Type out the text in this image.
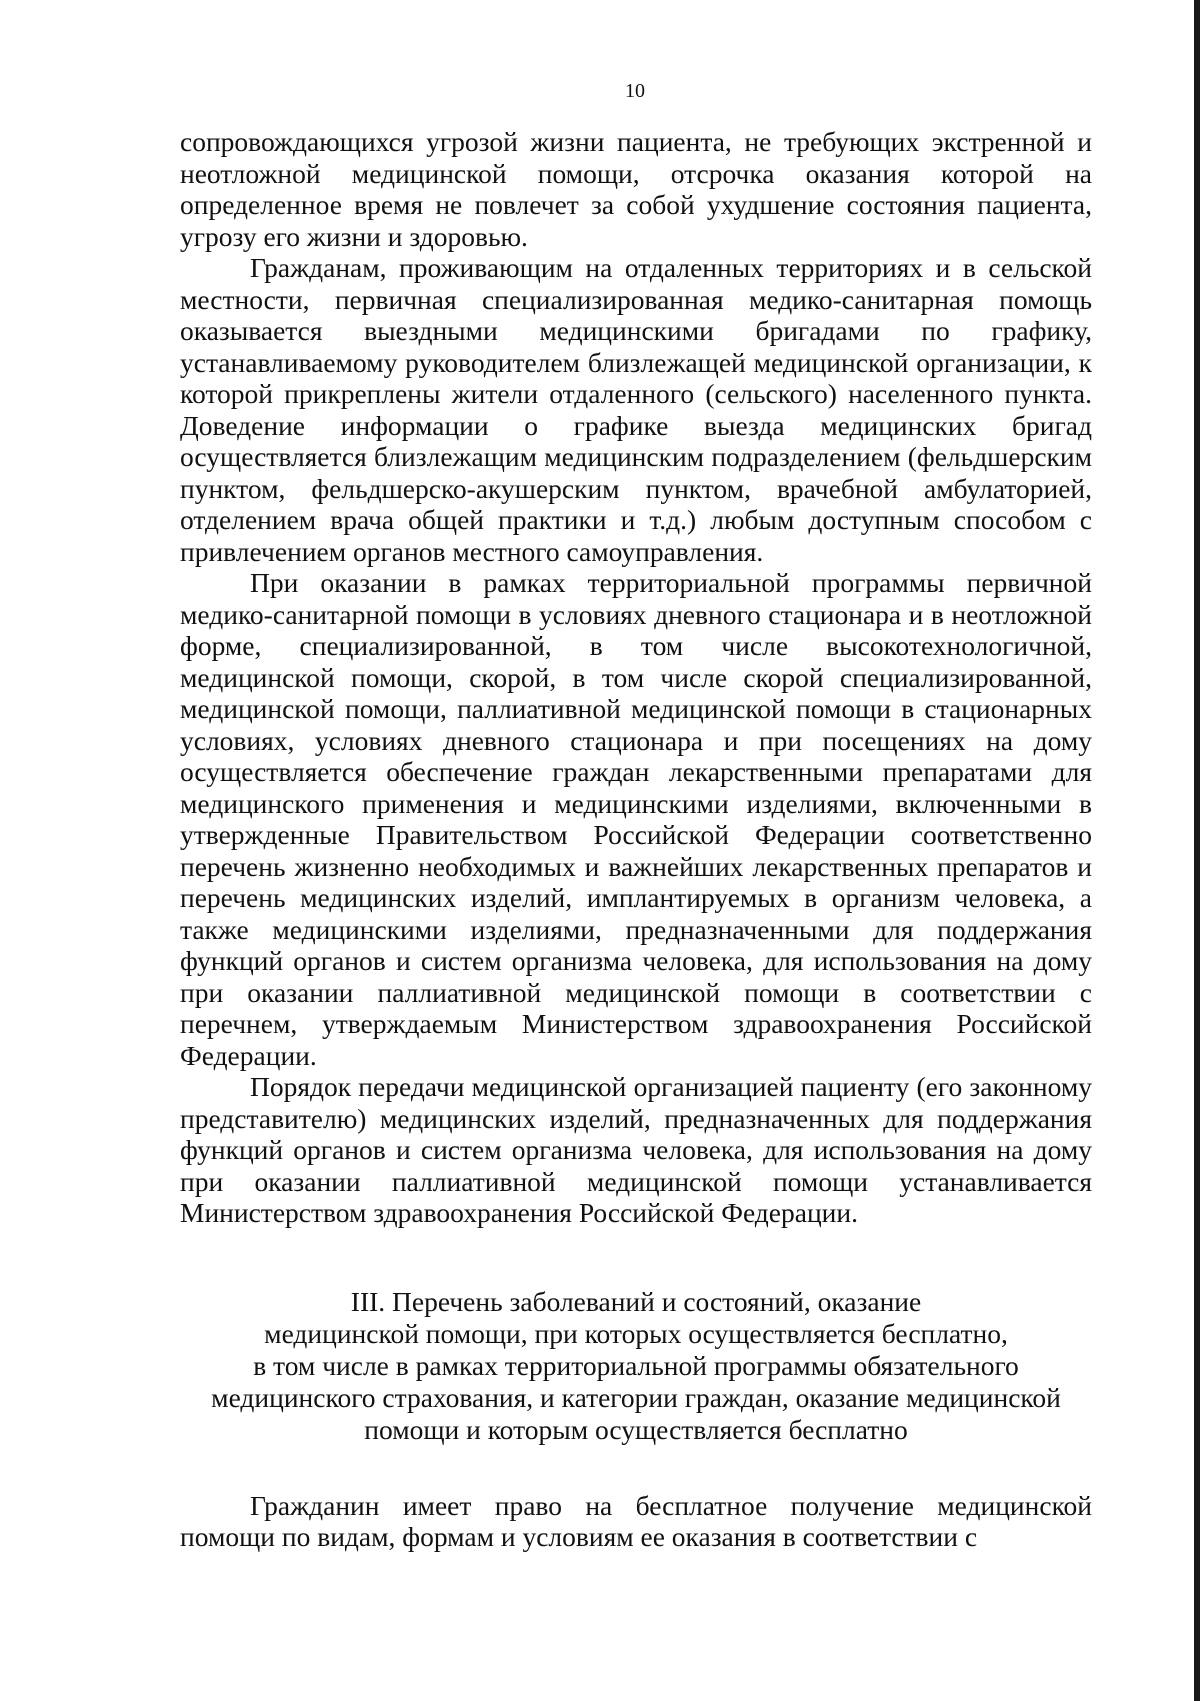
10

сопровождающихся угрозой жизни пациента, не требующих экстренной и неотложной медицинской помощи, отсрочка оказания которой на определенное время не повлечет за собой ухудшение состояния пациента, угрозу его жизни и здоровью.

Гражданам, проживающим на отдаленных территориях и в сельской местности, первичная специализированная медико-санитарная помощь оказывается выездными медицинскими бригадами по графику, устанавливаемому руководителем близлежащей медицинской организации, к которой прикреплены жители отдаленного (сельского) населенного пункта. Доведение информации о графике выезда медицинских бригад осуществляется близлежащим медицинским подразделением (фельдшерским пунктом, фельдшерско-акушерским пунктом, врачебной амбулаторией, отделением врача общей практики и т.д.) любым доступным способом с привлечением органов местного самоуправления.

При оказании в рамках территориальной программы первичной медико-санитарной помощи в условиях дневного стационара и в неотложной форме, специализированной, в том числе высокотехнологичной, медицинской помощи, скорой, в том числе скорой специализированной, медицинской помощи, паллиативной медицинской помощи в стационарных условиях, условиях дневного стационара и при посещениях на дому осуществляется обеспечение граждан лекарственными препаратами для медицинского применения и медицинскими изделиями, включенными в утвержденные Правительством Российской Федерации соответственно перечень жизненно необходимых и важнейших лекарственных препаратов и перечень медицинских изделий, имплантируемых в организм человека, а также медицинскими изделиями, предназначенными для поддержания функций органов и систем организма человека, для использования на дому при оказании паллиативной медицинской помощи в соответствии с перечнем, утверждаемым Министерством здравоохранения Российской Федерации.

Порядок передачи медицинской организацией пациенту (его законному представителю) медицинских изделий, предназначенных для поддержания функций органов и систем организма человека, для использования на дому при оказании паллиативной медицинской помощи устанавливается Министерством здравоохранения Российской Федерации.

III. Перечень заболеваний и состояний, оказание
медицинской помощи, при которых осуществляется бесплатно,
в том числе в рамках территориальной программы обязательного
медицинского страхования, и категории граждан, оказание медицинской
помощи и которым осуществляется бесплатно

Гражданин имеет право на бесплатное получение медицинской помощи по видам, формам и условиям ее оказания в соответствии с
